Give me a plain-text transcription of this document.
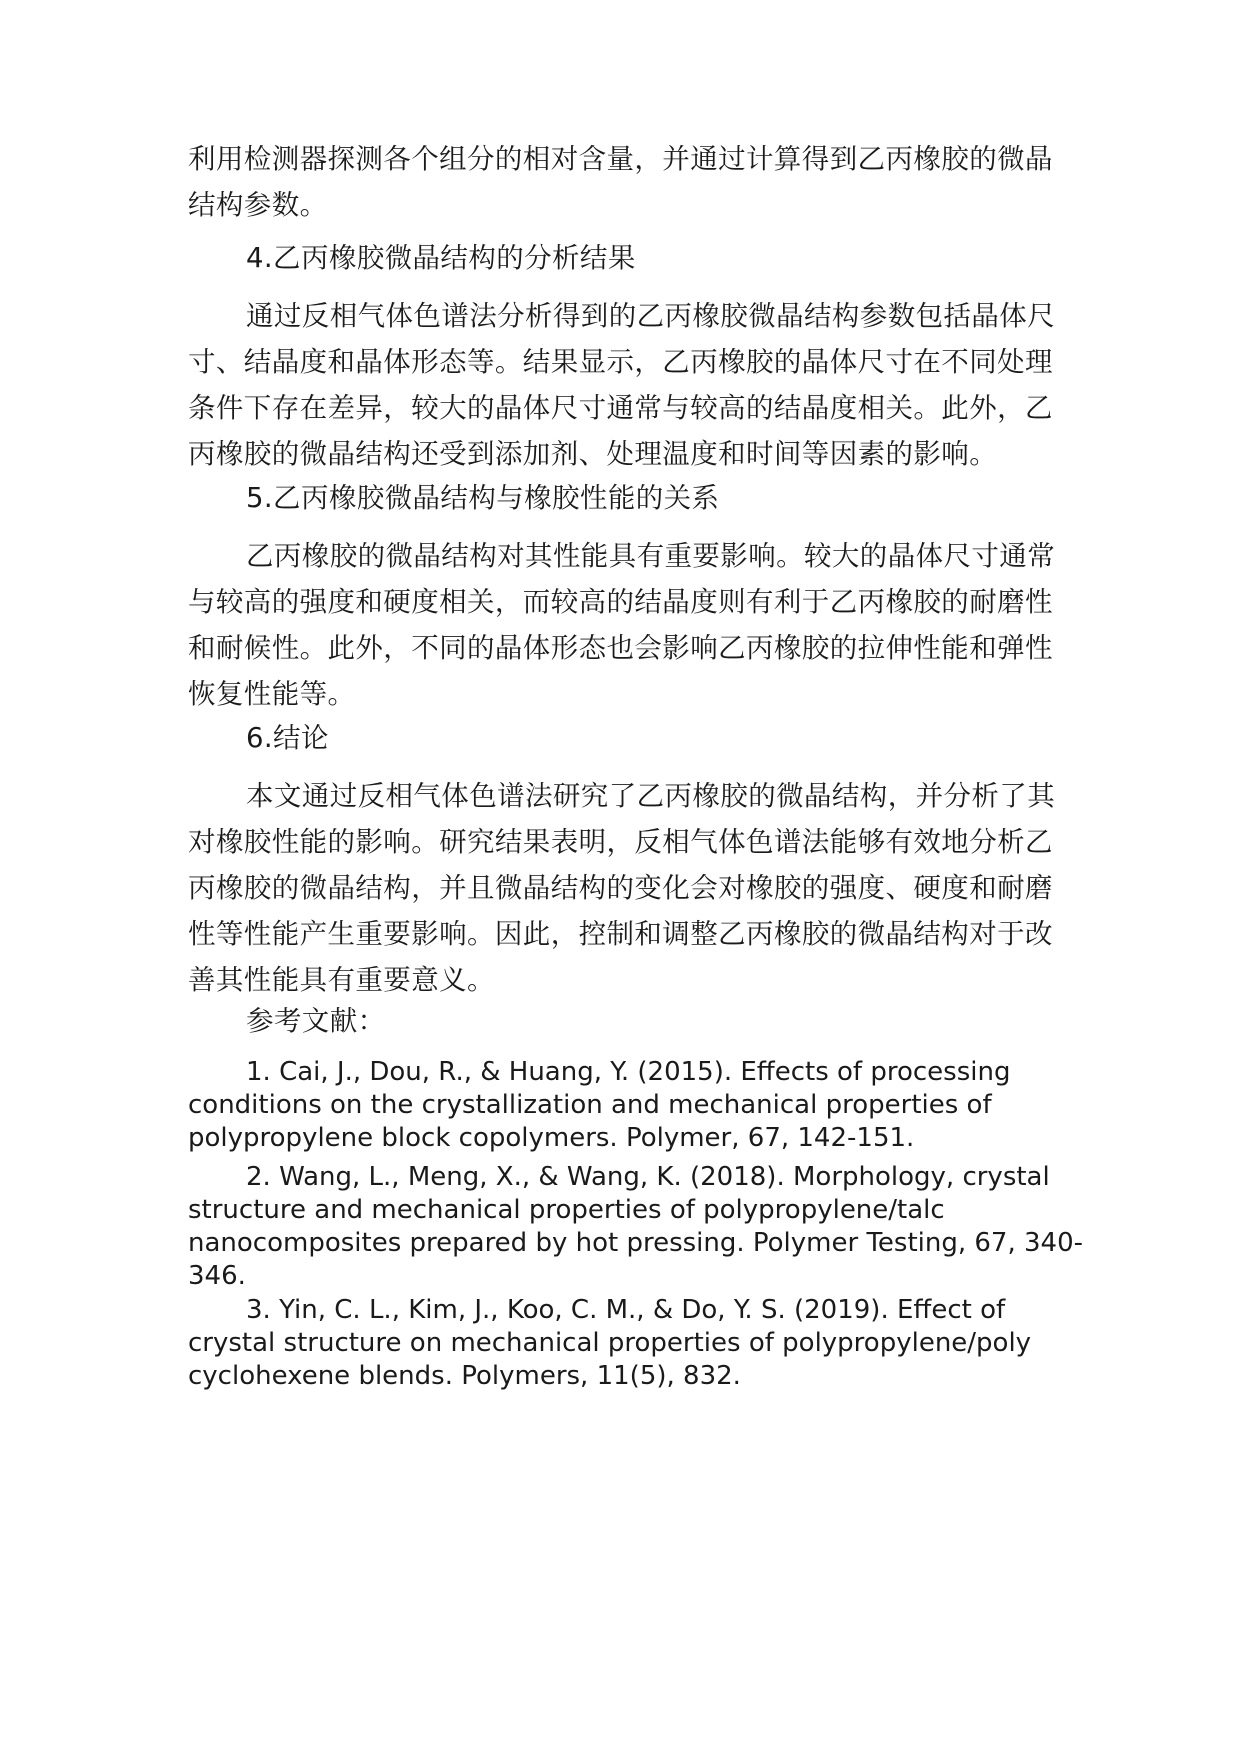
利用检测器探测各个组分的相对含量，并通过计算得到乙丙橡胶的微晶
结构参数。

4.乙丙橡胶微晶结构的分析结果

通过反相气体色谱法分析得到的乙丙橡胶微晶结构参数包括晶体尺
寸、结晶度和晶体形态等。结果显示，乙丙橡胶的晶体尺寸在不同处理
条件下存在差异，较大的晶体尺寸通常与较高的结晶度相关。此外，乙
丙橡胶的微晶结构还受到添加剂、处理温度和时间等因素的影响。

5.乙丙橡胶微晶结构与橡胶性能的关系

乙丙橡胶的微晶结构对其性能具有重要影响。较大的晶体尺寸通常
与较高的强度和硬度相关，而较高的结晶度则有利于乙丙橡胶的耐磨性
和耐候性。此外，不同的晶体形态也会影响乙丙橡胶的拉伸性能和弹性
恢复性能等。

6.结论

本文通过反相气体色谱法研究了乙丙橡胶的微晶结构，并分析了其
对橡胶性能的影响。研究结果表明，反相气体色谱法能够有效地分析乙
丙橡胶的微晶结构，并且微晶结构的变化会对橡胶的强度、硬度和耐磨
性等性能产生重要影响。因此，控制和调整乙丙橡胶的微晶结构对于改
善其性能具有重要意义。

参考文献：

1. Cai, J., Dou, R., & Huang, Y. (2015). Effects of processing
conditions on the crystallization and mechanical properties of
polypropylene block copolymers. Polymer, 67, 142-151.

2. Wang, L., Meng, X., & Wang, K. (2018). Morphology, crystal
structure and mechanical properties of polypropylene/talc
nanocomposites prepared by hot pressing. Polymer Testing, 67, 340-
346.

3. Yin, C. L., Kim, J., Koo, C. M., & Do, Y. S. (2019). Effect of
crystal structure on mechanical properties of polypropylene/poly
cyclohexene blends. Polymers, 11(5), 832.
